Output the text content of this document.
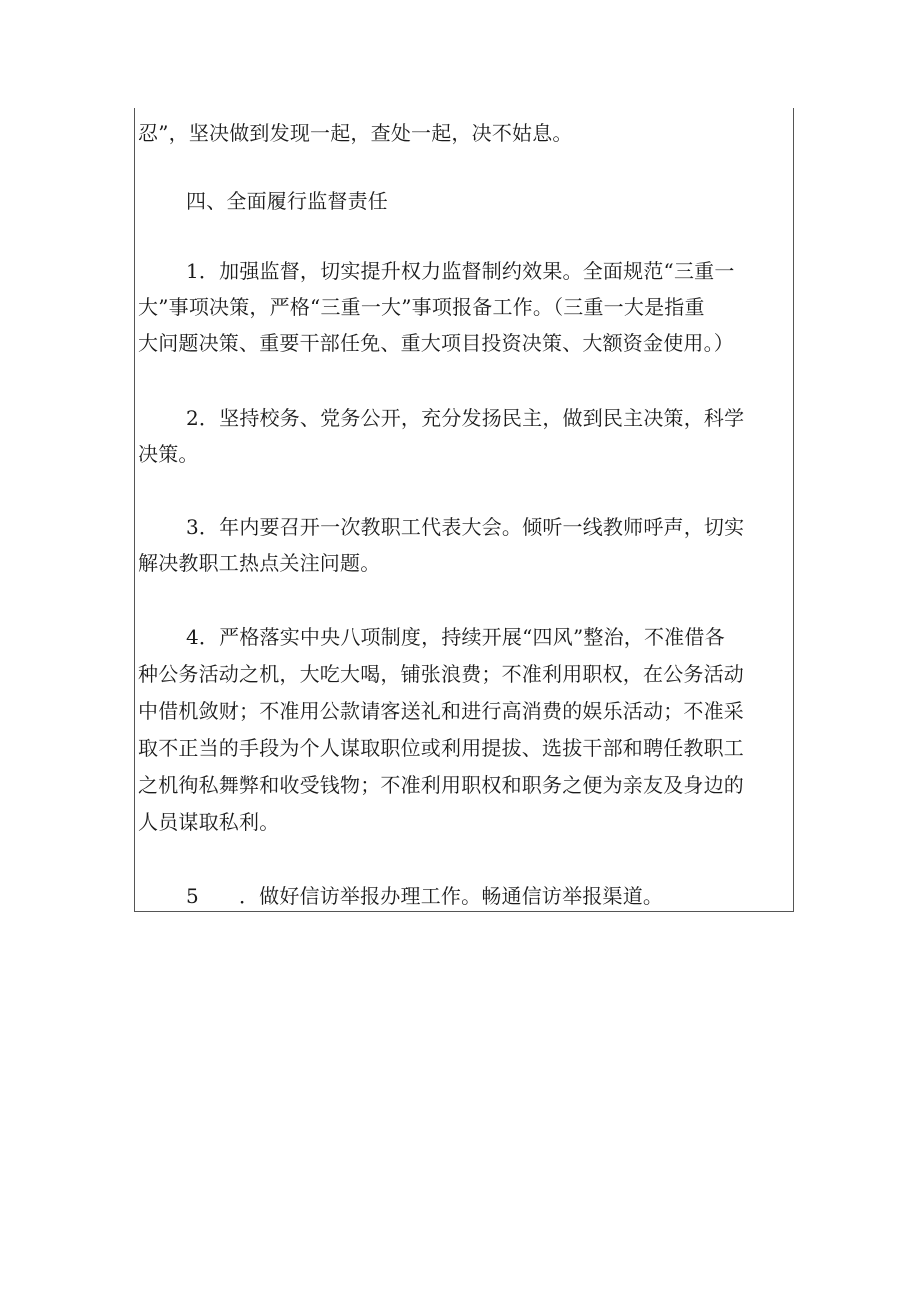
忍”，坚决做到发现一起，查处一起，决不姑息。
四、全面履行监督责任
1．加强监督，切实提升权力监督制约效果。全面规范“三重一
大”事项决策，严格“三重一大”事项报备工作。（三重一大是指重
大问题决策、重要干部任免、重大项目投资决策、大额资金使用。）
2．坚持校务、党务公开，充分发扬民主，做到民主决策，科学
决策。
3．年内要召开一次教职工代表大会。倾听一线教师呼声，切实
解决教职工热点关注问题。
4．严格落实中央八项制度，持续开展“四风”整治，不准借各
种公务活动之机，大吃大喝，铺张浪费；不准利用职权，在公务活动
中借机敛财；不准用公款请客送礼和进行高消费的娱乐活动；不准采
取不正当的手段为个人谋取职位或利用提拔、选拔干部和聘任教职工
之机徇私舞弊和收受钱物；不准利用职权和职务之便为亲友及身边的
人员谋取私利。
5 ．做好信访举报办理工作。畅通信访举报渠道。
